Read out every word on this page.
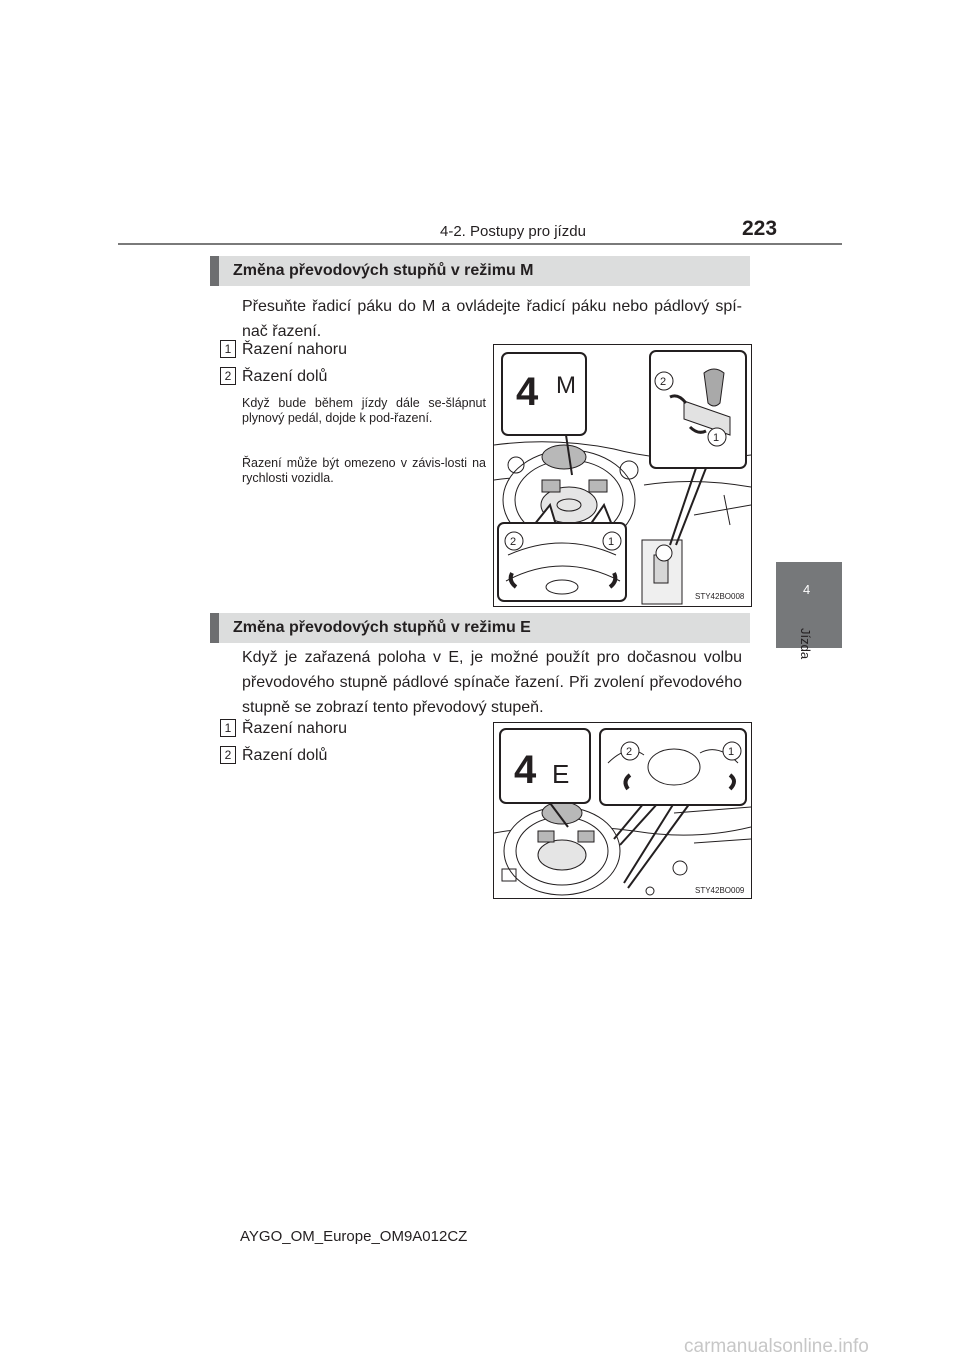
4-2. Postupy pro jízdu	223
4
Jízda
Změna převodových stupňů v režimu M
Přesuňte řadicí páku do M a ovládejte řadicí páku nebo pádlový spí-nač řazení.
1 Řazení nahoru
2 Řazení dolů
Když bude během jízdy dále se-šlápnut plynový pedál, dojde k pod-řazení.
Řazení může být omezeno v závis-losti na rychlosti vozidla.
4 M	2
1
2	1
STY42BO008
Změna převodových stupňů v režimu E
Když je zařazená poloha v E, je možné použít pro dočasnou volbu převodového stupně pádlové spínače řazení. Při zvolení převodového stupně se zobrazí tento převodový stupeň.
1 Řazení nahoru
2 Řazení dolů	4 E
2	1
STY42BO009
AYGO_OM_Europe_OM9A012CZ
carmanualsonline.info
